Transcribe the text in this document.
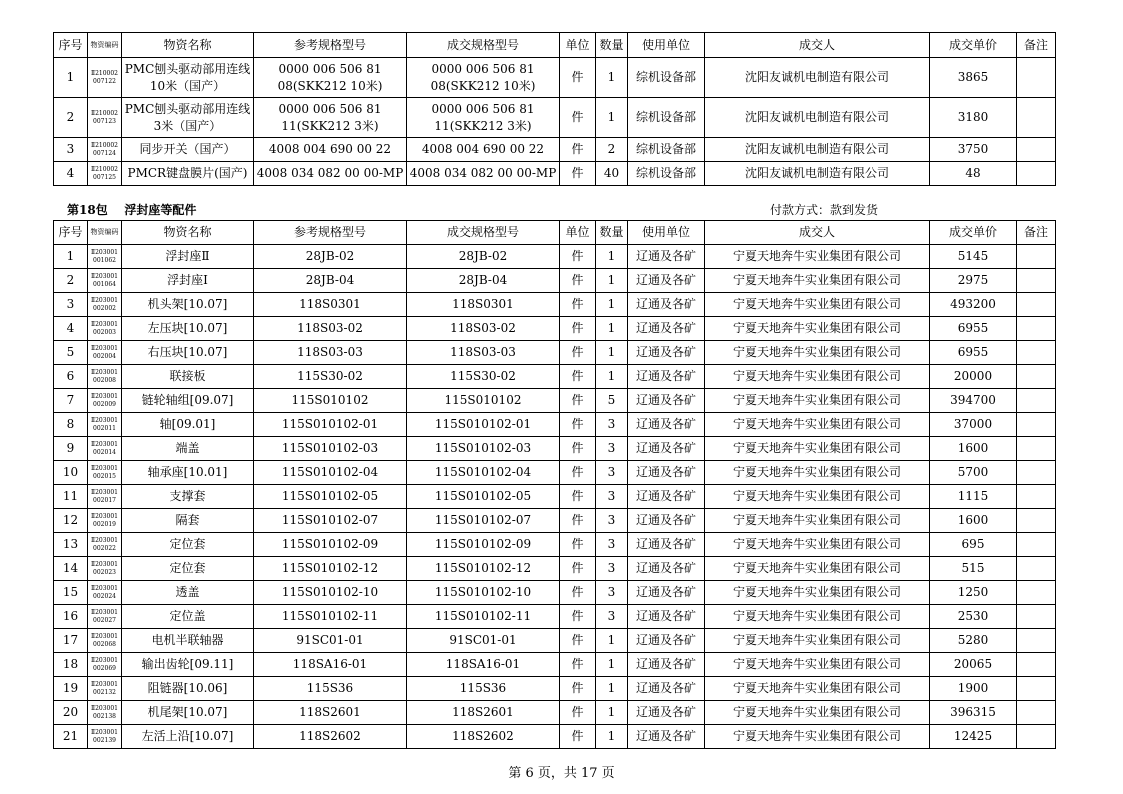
序号	物资编码	物资名称	参考规格型号	成交规格型号	单位	数量	使用单位	成交人	成交单价	备注
1	Ⅱ210002 007122	PMC刨头驱动部用连线 10米（国产）	0000 006 506 81 08(SKK212 10米)	0000 006 506 81 08(SKK212 10米)	件	1	综机设备部	沈阳友诚机电制造有限公司	3865	
2	Ⅱ210002 007123	PMC刨头驱动部用连线 3米（国产）	0000 006 506 81 11(SKK212 3米)	0000 006 506 81 11(SKK212 3米)	件	1	综机设备部	沈阳友诚机电制造有限公司	3180	
3	Ⅱ210002 007124	同步开关（国产）	4008 004 690 00 22	4008 004 690 00 22	件	2	综机设备部	沈阳友诚机电制造有限公司	3750	
4	Ⅱ210002 007125	PMCR键盘膜片(国产)	4008 034 082 00 00-MP	4008 034 082 00 00-MP	件	40	综机设备部	沈阳友诚机电制造有限公司	48	
第18包 浮封座等配件	付款方式：款到发货
序号	物资编码	物资名称	参考规格型号	成交规格型号	单位	数量	使用单位	成交人	成交单价	备注
1	Ⅱ203001 001062	浮封座Ⅱ	28JB-02	28JB-02	件	1	辽通及各矿	宁夏天地奔牛实业集团有限公司	5145	
2	Ⅱ203001 001064	浮封座Ⅰ	28JB-04	28JB-04	件	1	辽通及各矿	宁夏天地奔牛实业集团有限公司	2975	
3	Ⅱ203001 002002	机头架[10.07]	118S0301	118S0301	件	1	辽通及各矿	宁夏天地奔牛实业集团有限公司	493200	
4	Ⅱ203001 002003	左压块[10.07]	118S03-02	118S03-02	件	1	辽通及各矿	宁夏天地奔牛实业集团有限公司	6955	
5	Ⅱ203001 002004	右压块[10.07]	118S03-03	118S03-03	件	1	辽通及各矿	宁夏天地奔牛实业集团有限公司	6955	
6	Ⅱ203001 002008	联接板	115S30-02	115S30-02	件	1	辽通及各矿	宁夏天地奔牛实业集团有限公司	20000	
7	Ⅱ203001 002009	链轮轴组[09.07]	115S010102	115S010102	件	5	辽通及各矿	宁夏天地奔牛实业集团有限公司	394700	
8	Ⅱ203001 002011	轴[09.01]	115S010102-01	115S010102-01	件	3	辽通及各矿	宁夏天地奔牛实业集团有限公司	37000	
9	Ⅱ203001 002014	端盖	115S010102-03	115S010102-03	件	3	辽通及各矿	宁夏天地奔牛实业集团有限公司	1600	
10	Ⅱ203001 002015	轴承座[10.01]	115S010102-04	115S010102-04	件	3	辽通及各矿	宁夏天地奔牛实业集团有限公司	5700	
11	Ⅱ203001 002017	支撑套	115S010102-05	115S010102-05	件	3	辽通及各矿	宁夏天地奔牛实业集团有限公司	1115	
12	Ⅱ203001 002019	隔套	115S010102-07	115S010102-07	件	3	辽通及各矿	宁夏天地奔牛实业集团有限公司	1600	
13	Ⅱ203001 002022	定位套	115S010102-09	115S010102-09	件	3	辽通及各矿	宁夏天地奔牛实业集团有限公司	695	
14	Ⅱ203001 002023	定位套	115S010102-12	115S010102-12	件	3	辽通及各矿	宁夏天地奔牛实业集团有限公司	515	
15	Ⅱ203001 002024	透盖	115S010102-10	115S010102-10	件	3	辽通及各矿	宁夏天地奔牛实业集团有限公司	1250	
16	Ⅱ203001 002027	定位盖	115S010102-11	115S010102-11	件	3	辽通及各矿	宁夏天地奔牛实业集团有限公司	2530	
17	Ⅱ203001 002068	电机半联轴器	91SC01-01	91SC01-01	件	1	辽通及各矿	宁夏天地奔牛实业集团有限公司	5280	
18	Ⅱ203001 002069	输出齿轮[09.11]	118SA16-01	118SA16-01	件	1	辽通及各矿	宁夏天地奔牛实业集团有限公司	20065	
19	Ⅱ203001 002132	阻链器[10.06]	115S36	115S36	件	1	辽通及各矿	宁夏天地奔牛实业集团有限公司	1900	
20	Ⅱ203001 002138	机尾架[10.07]	118S2601	118S2601	件	1	辽通及各矿	宁夏天地奔牛实业集团有限公司	396315	
21	Ⅱ203001 002139	左活上沿[10.07]	118S2602	118S2602	件	1	辽通及各矿	宁夏天地奔牛实业集团有限公司	12425	
第 6 页，共 17 页
